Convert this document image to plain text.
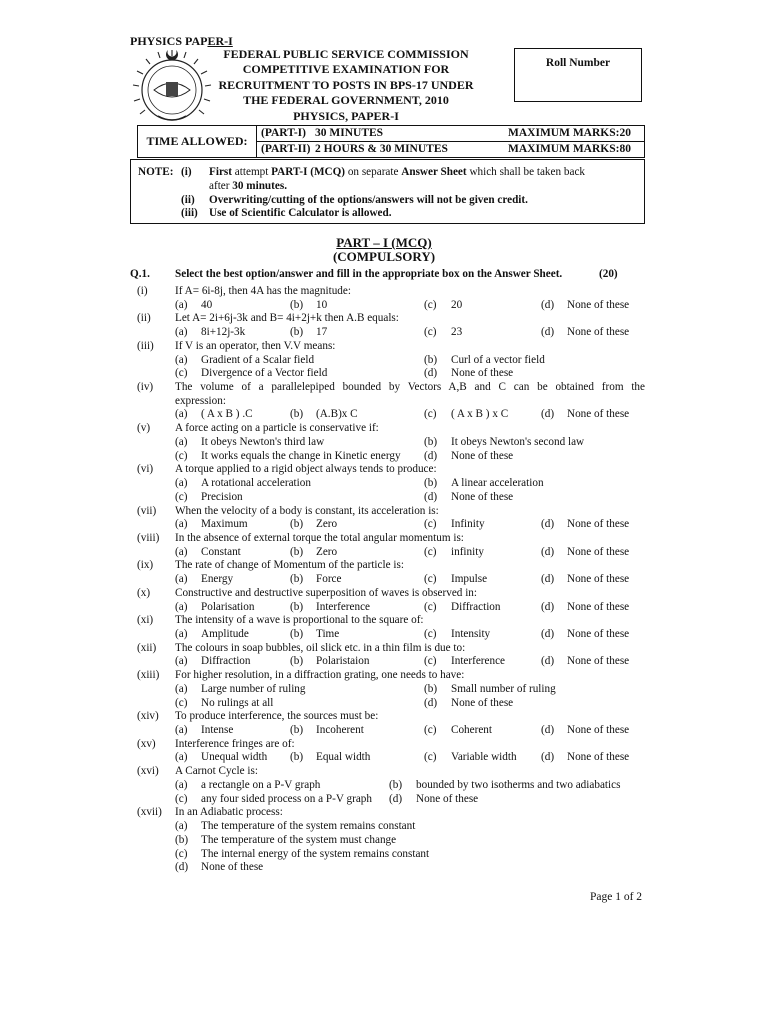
PHYSICS PAPER-I
FEDERAL PUBLIC SERVICE COMMISSION
COMPETITIVE EXAMINATION FOR
RECRUITMENT TO POSTS IN BPS-17 UNDER
THE FEDERAL GOVERNMENT, 2010
PHYSICS, PAPER-I
Roll Number
TIME ALLOWED:
(PART-I) 30 MINUTES	MAXIMUM MARKS:20
(PART-II) 2 HOURS & 30 MINUTES	MAXIMUM MARKS:80
NOTE: (i) First attempt PART-I (MCQ) on separate Answer Sheet which shall be taken back
after 30 minutes.
(ii) Overwriting/cutting of the options/answers will not be given credit.
(iii) Use of Scientific Calculator is allowed.
PART – I (MCQ)
(COMPULSORY)
Q.1. Select the best option/answer and fill in the appropriate box on the Answer Sheet.	(20)
(i) If A= 6i-8j, then 4A has the magnitude:
(a) 40	(b) 10	(c) 20	(d) None of these
(ii) Let A= 2i+6j-3k and B= 4i+2j+k then A.B equals:
(a) 8i+12j-3k	(b) 17	(c) 23	(d) None of these
(iii) If V is an operator, then V.V means:
(a) Gradient of a Scalar field	(b) Curl of a vector field
(c) Divergence of a Vector field	(d) None of these
(iv) The volume of a parallelepiped bounded by Vectors A,B and C can be obtained from the
expression:
(a) ( A x B ) .C	(b) (A.B)x C	(c) ( A x B ) x C	(d) None of these
(v) A force acting on a particle is conservative if:
(a) It obeys Newton's third law	(b) It obeys Newton's second law
(c) It works equals the change in Kinetic energy (d) None of these
(vi) A torque applied to a rigid object always tends to produce:
(a) A rotational acceleration	(b) A linear acceleration
(c) Precision	(d) None of these
(vii) When the velocity of a body is constant, its acceleration is:
(a) Maximum	(b) Zero	(c) Infinity	(d) None of these
(viii) In the absence of external torque the total angular momentum is:
(a) Constant	(b) Zero	(c) infinity	(d) None of these
(ix) The rate of change of Momentum of the particle is:
(a) Energy	(b) Force	(c) Impulse	(d) None of these
(x) Constructive and destructive superposition of waves is observed in:
(a) Polarisation	(b) Interference	(c) Diffraction	(d) None of these
(xi) The intensity of a wave is proportional to the square of:
(a) Amplitude	(b) Time	(c) Intensity	(d) None of these
(xii) The colours in soap bubbles, oil slick etc. in a thin film is due to:
(a) Diffraction	(b) Polaristaion	(c) Interference	(d) None of these
(xiii) For higher resolution, in a diffraction grating, one needs to have:
(a) Large number of ruling	(b) Small number of ruling
(c) No rulings at all	(d) None of these
(xiv) To produce interference, the sources must be:
(a) Intense	(b) Incoherent	(c) Coherent	(d) None of these
(xv) Interference fringes are of:
(a) Unequal width (b) Equal width	(c) Variable width (d) None of these
(xvi) A Carnot Cycle is:
(a) a rectangle on a P-V graph	(b) bounded by two isotherms and two adiabatics
(c) any four sided process on a P-V graph (d) None of these
(xvii) In an Adiabatic process:
(a) The temperature of the system remains constant
(b) The temperature of the system must change
(c) The internal energy of the system remains constant
(d) None of these
Page 1 of 2
